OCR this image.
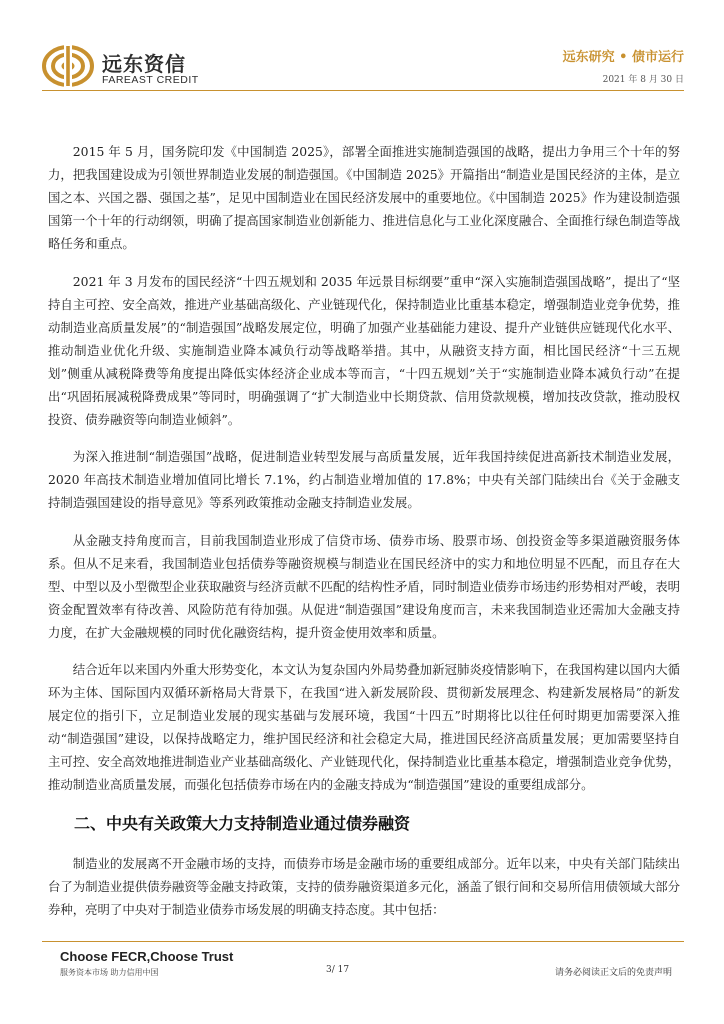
远东资信
FAREAST CREDIT
远东研究 • 债市运行
2021 年 8 月 30 日

2015 年 5 月，国务院印发《中国制造 2025》，部署全面推进实施制造强国的战略，提出力争用三个十年的努力，把我国建设成为引领世界制造业发展的制造强国。《中国制造 2025》开篇指出“制造业是国民经济的主体，是立国之本、兴国之器、强国之基”，足见中国制造业在国民经济发展中的重要地位。《中国制造 2025》作为建设制造强国第一个十年的行动纲领，明确了提高国家制造业创新能力、推进信息化与工业化深度融合、全面推行绿色制造等战略任务和重点。

2021 年 3 月发布的国民经济“十四五规划和 2035 年远景目标纲要”重申“深入实施制造强国战略”，提出了“坚持自主可控、安全高效，推进产业基础高级化、产业链现代化，保持制造业比重基本稳定，增强制造业竞争优势，推动制造业高质量发展”的“制造强国”战略发展定位，明确了加强产业基础能力建设、提升产业链供应链现代化水平、推动制造业优化升级、实施制造业降本减负行动等战略举措。其中，从融资支持方面，相比国民经济“十三五规划”侧重从减税降费等角度提出降低实体经济企业成本等而言，“十四五规划”关于“实施制造业降本减负行动”在提出“巩固拓展减税降费成果”等同时，明确强调了“扩大制造业中长期贷款、信用贷款规模，增加技改贷款，推动股权投资、债券融资等向制造业倾斜”。

为深入推进制“制造强国”战略，促进制造业转型发展与高质量发展，近年我国持续促进高新技术制造业发展，2020 年高技术制造业增加值同比增长 7.1%，约占制造业增加值的 17.8%；中央有关部门陆续出台《关于金融支持制造强国建设的指导意见》等系列政策推动金融支持制造业发展。

从金融支持角度而言，目前我国制造业形成了信贷市场、债券市场、股票市场、创投资金等多渠道融资服务体系。但从不足来看，我国制造业包括债券等融资规模与制造业在国民经济中的实力和地位明显不匹配，而且存在大型、中型以及小型微型企业获取融资与经济贡献不匹配的结构性矛盾，同时制造业债券市场违约形势相对严峻，表明资金配置效率有待改善、风险防范有待加强。从促进“制造强国”建设角度而言，未来我国制造业还需加大金融支持力度，在扩大金融规模的同时优化融资结构，提升资金使用效率和质量。

结合近年以来国内外重大形势变化，本文认为复杂国内外局势叠加新冠肺炎疫情影响下，在我国构建以国内大循环为主体、国际国内双循环新格局大背景下，在我国“进入新发展阶段、贯彻新发展理念、构建新发展格局”的新发展定位的指引下，立足制造业发展的现实基础与发展环境，我国“十四五”时期将比以往任何时期更加需要深入推动“制造强国”建设，以保持战略定力，维护国民经济和社会稳定大局，推进国民经济高质量发展；更加需要坚持自主可控、安全高效地推进制造业产业基础高级化、产业链现代化，保持制造业比重基本稳定，增强制造业竞争优势，推动制造业高质量发展，而强化包括债券市场在内的金融支持成为“制造强国”建设的重要组成部分。

二、中央有关政策大力支持制造业通过债券融资

制造业的发展离不开金融市场的支持，而债券市场是金融市场的重要组成部分。近年以来，中央有关部门陆续出台了为制造业提供债券融资等金融支持政策，支持的债券融资渠道多元化，涵盖了银行间和交易所信用债领域大部分券种，亮明了中央对于制造业债券市场发展的明确支持态度。其中包括：

Choose FECR,Choose Trust
服务资本市场 助力信用中国	3/ 17	请务必阅读正文后的免责声明
